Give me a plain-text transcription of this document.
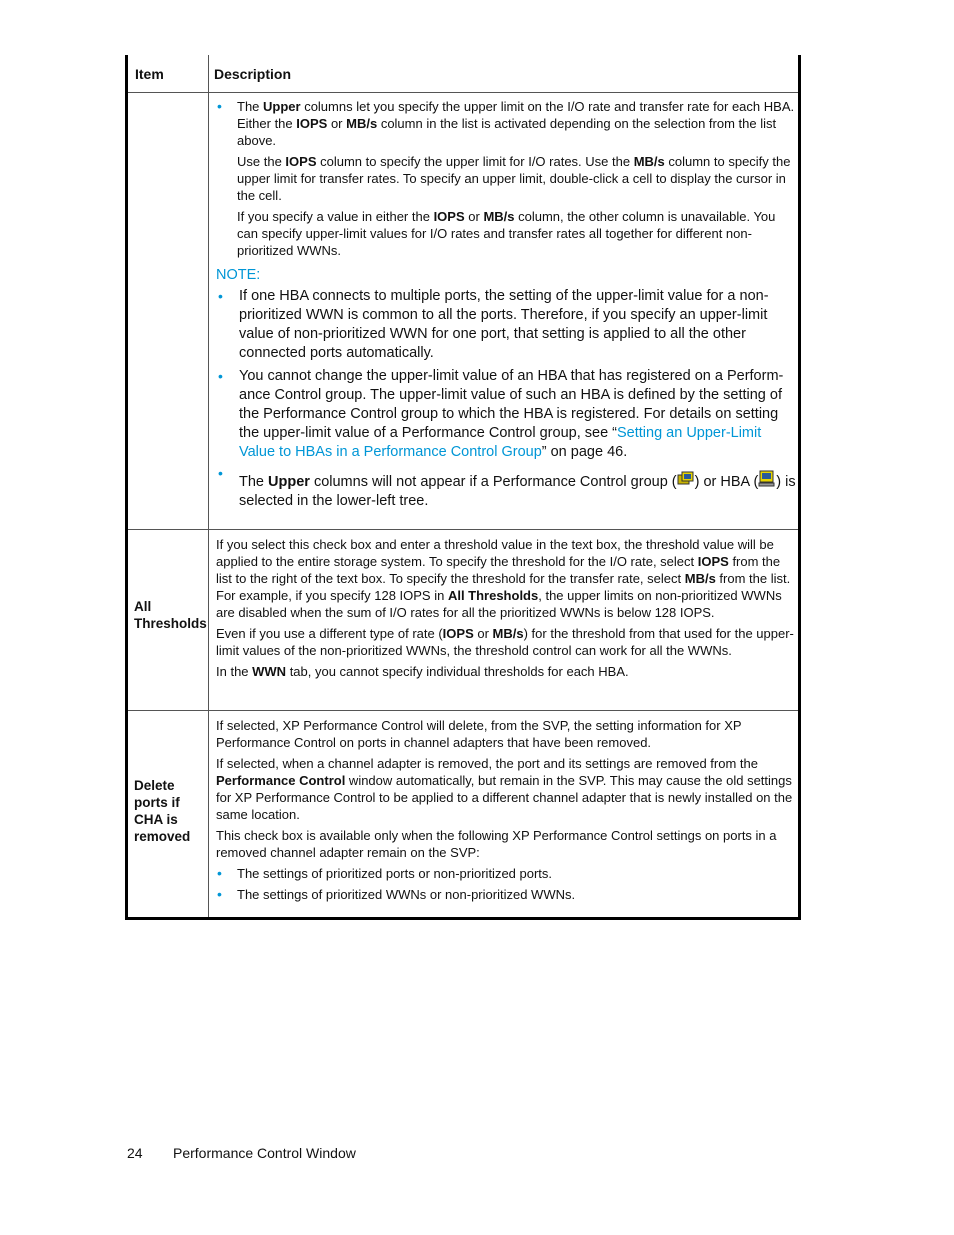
Item	Description
• The Upper columns let you specify the upper limit on the I/O rate and transfer rate for each HBA. Either the IOPS or MB/s column in the list is activated depending on the selection from the list above.
Use the IOPS column to specify the upper limit for I/O rates. Use the MB/s column to specify the upper limit for transfer rates. To specify an upper limit, double-click a cell to display the cursor in the cell.
If you specify a value in either the IOPS or MB/s column, the other column is unavailable. You can specify upper-limit values for I/O rates and transfer rates all together for different non-prioritized WWNs.
NOTE:
• If one HBA connects to multiple ports, the setting of the upper-limit value for a non-prioritized WWN is common to all the ports. Therefore, if you specify an upper-limit value of non-prioritized WWN for one port, that setting is applied to all the other connected ports automatically.
• You cannot change the upper-limit value of an HBA that has registered on a Perform-ance Control group. The upper-limit value of such an HBA is defined by the setting of the Performance Control group to which the HBA is registered. For details on setting the upper-limit value of a Performance Control group, see “Setting an Upper-Limit Value to HBAs in a Performance Control Group” on page 46.
•
The Upper columns will not appear if a Performance Control group ( ) or HBA ( ) is selected in the lower-left tree.
All Thresholds
If you select this check box and enter a threshold value in the text box, the threshold value will be applied to the entire storage system. To specify the threshold for the I/O rate, select IOPS from the list to the right of the text box. To specify the threshold for the transfer rate, select MB/s from the list. For example, if you specify 128 IOPS in All Thresholds, the upper limits on non-prioritized WWNs are disabled when the sum of I/O rates for all the prioritized WWNs is below 128 IOPS.
Even if you use a different type of rate (IOPS or MB/s) for the threshold from that used for the upper-limit values of the non-prioritized WWNs, the threshold control can work for all the WWNs.
In the WWN tab, you cannot specify individual thresholds for each HBA.
Delete ports if CHA is removed
If selected, XP Performance Control will delete, from the SVP, the setting information for XP Performance Control on ports in channel adapters that have been removed.
If selected, when a channel adapter is removed, the port and its settings are removed from the Performance Control window automatically, but remain in the SVP. This may cause the old settings for XP Performance Control to be applied to a different channel adapter that is newly installed on the same location.
This check box is available only when the following XP Performance Control settings on ports in a removed channel adapter remain on the SVP:
• The settings of prioritized ports or non-prioritized ports.
• The settings of prioritized WWNs or non-prioritized WWNs.
24 Performance Control Window
